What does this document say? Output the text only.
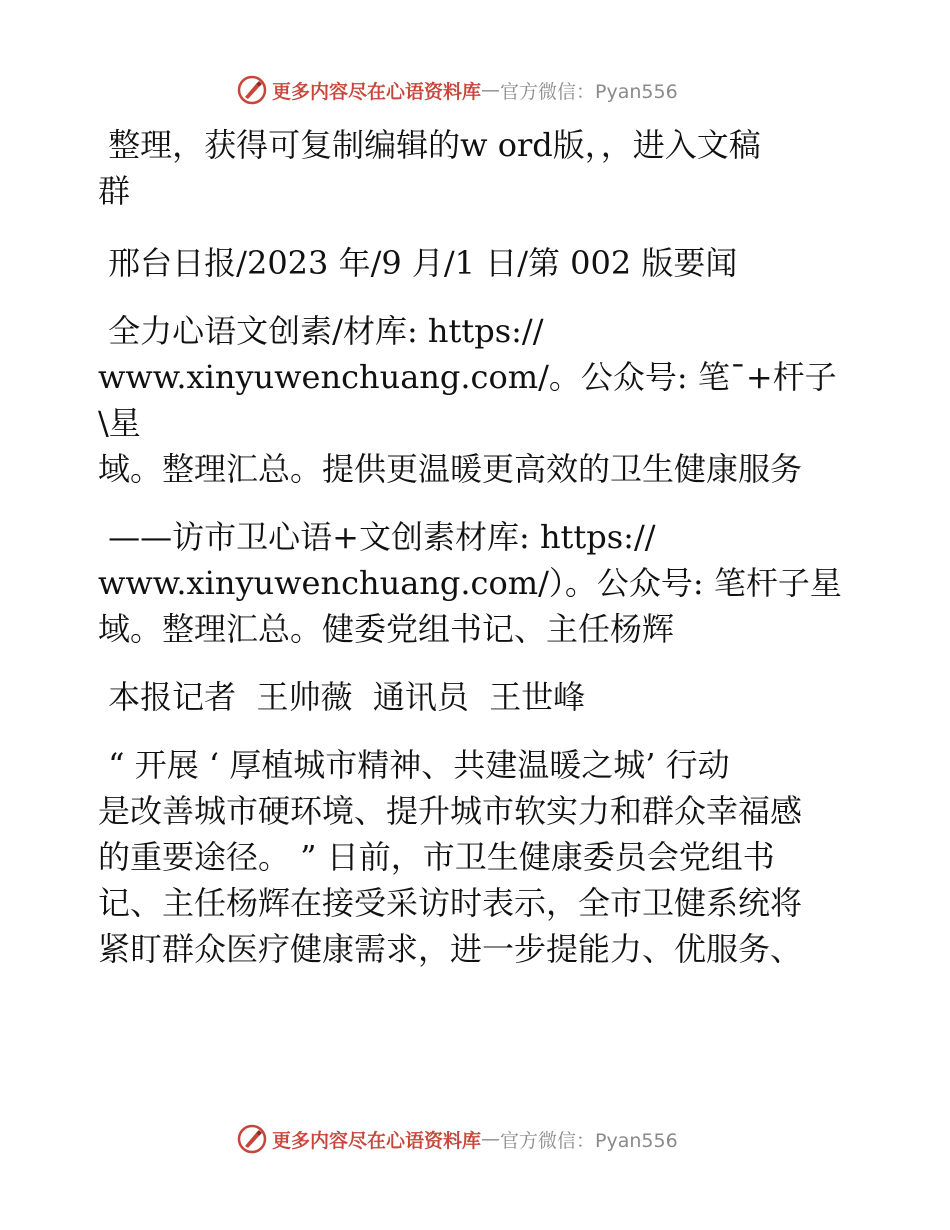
更多内容尽在心语资料库 — 官方微信：Pyan556

整理，获得可复制编辑的w ord版，，进入文稿
群

邢台日报/2023 年/9 月/1 日/第 002 版要闻

全力心语文创素/材库: https://
www.xinyuwenchuang.com/。公众号: 笔¯+杆子\星
域。整理汇总。提供更温暖更高效的卫生健康服务

——访市卫心语+文创素材库: https://
www.xinyuwenchuang.com/）。公众号: 笔杆子星
域。整理汇总。健委党组书记、主任杨辉

本报记者  王帅薇  通讯员  王世峰

“ 开展 ‘ 厚植城市精神、共建温暖之城’ 行动
是改善城市硬环境、提升城市软实力和群众幸福感
的重要途径。 ” 日前，市卫生健康委员会党组书
记、主任杨辉在接受采访时表示，全市卫健系统将
紧盯群众医疗健康需求，进一步提能力、优服务、

更多内容尽在心语资料库 — 官方微信：Pyan556
